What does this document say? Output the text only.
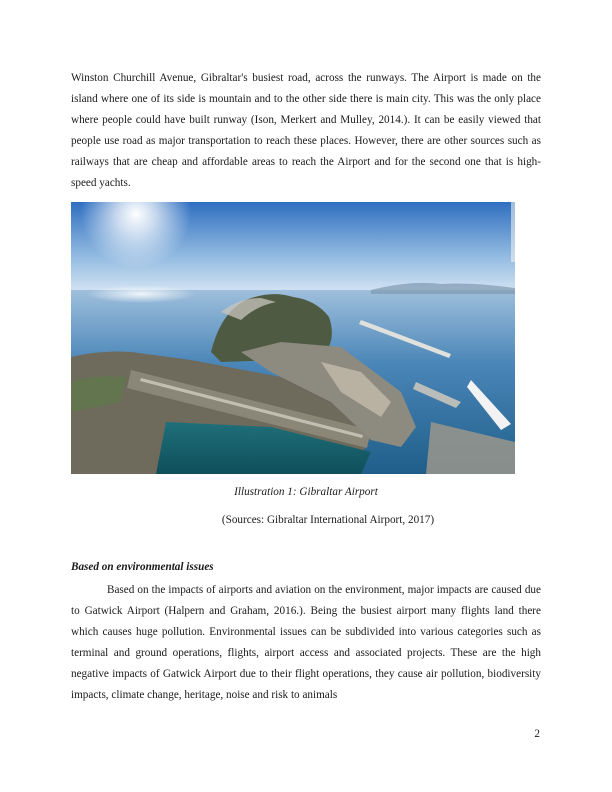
Winston Churchill Avenue, Gibraltar's busiest road, across the runways. The Airport is made on the island where one of its side is mountain and to the other side there is main city. This was the only place where people could have built runway (Ison, Merkert and Mulley, 2014.). It can be easily viewed that people use road as major transportation to reach these places. However, there are other sources such as railways that are cheap and affordable areas to reach the Airport and for the second one that is high-speed yachts.

Illustration 1: Gibraltar Airport

(Sources: Gibraltar International Airport, 2017)

Based on environmental issues

Based on the impacts of airports and aviation on the environment, major impacts are caused due to Gatwick Airport (Halpern and Graham, 2016.). Being the busiest airport many flights land there which causes huge pollution. Environmental issues can be subdivided into various categories such as terminal and ground operations, flights, airport access and associated projects. These are the high negative impacts of Gatwick Airport due to their flight operations, they cause air pollution, biodiversity impacts, climate change, heritage, noise and risk to animals

2
